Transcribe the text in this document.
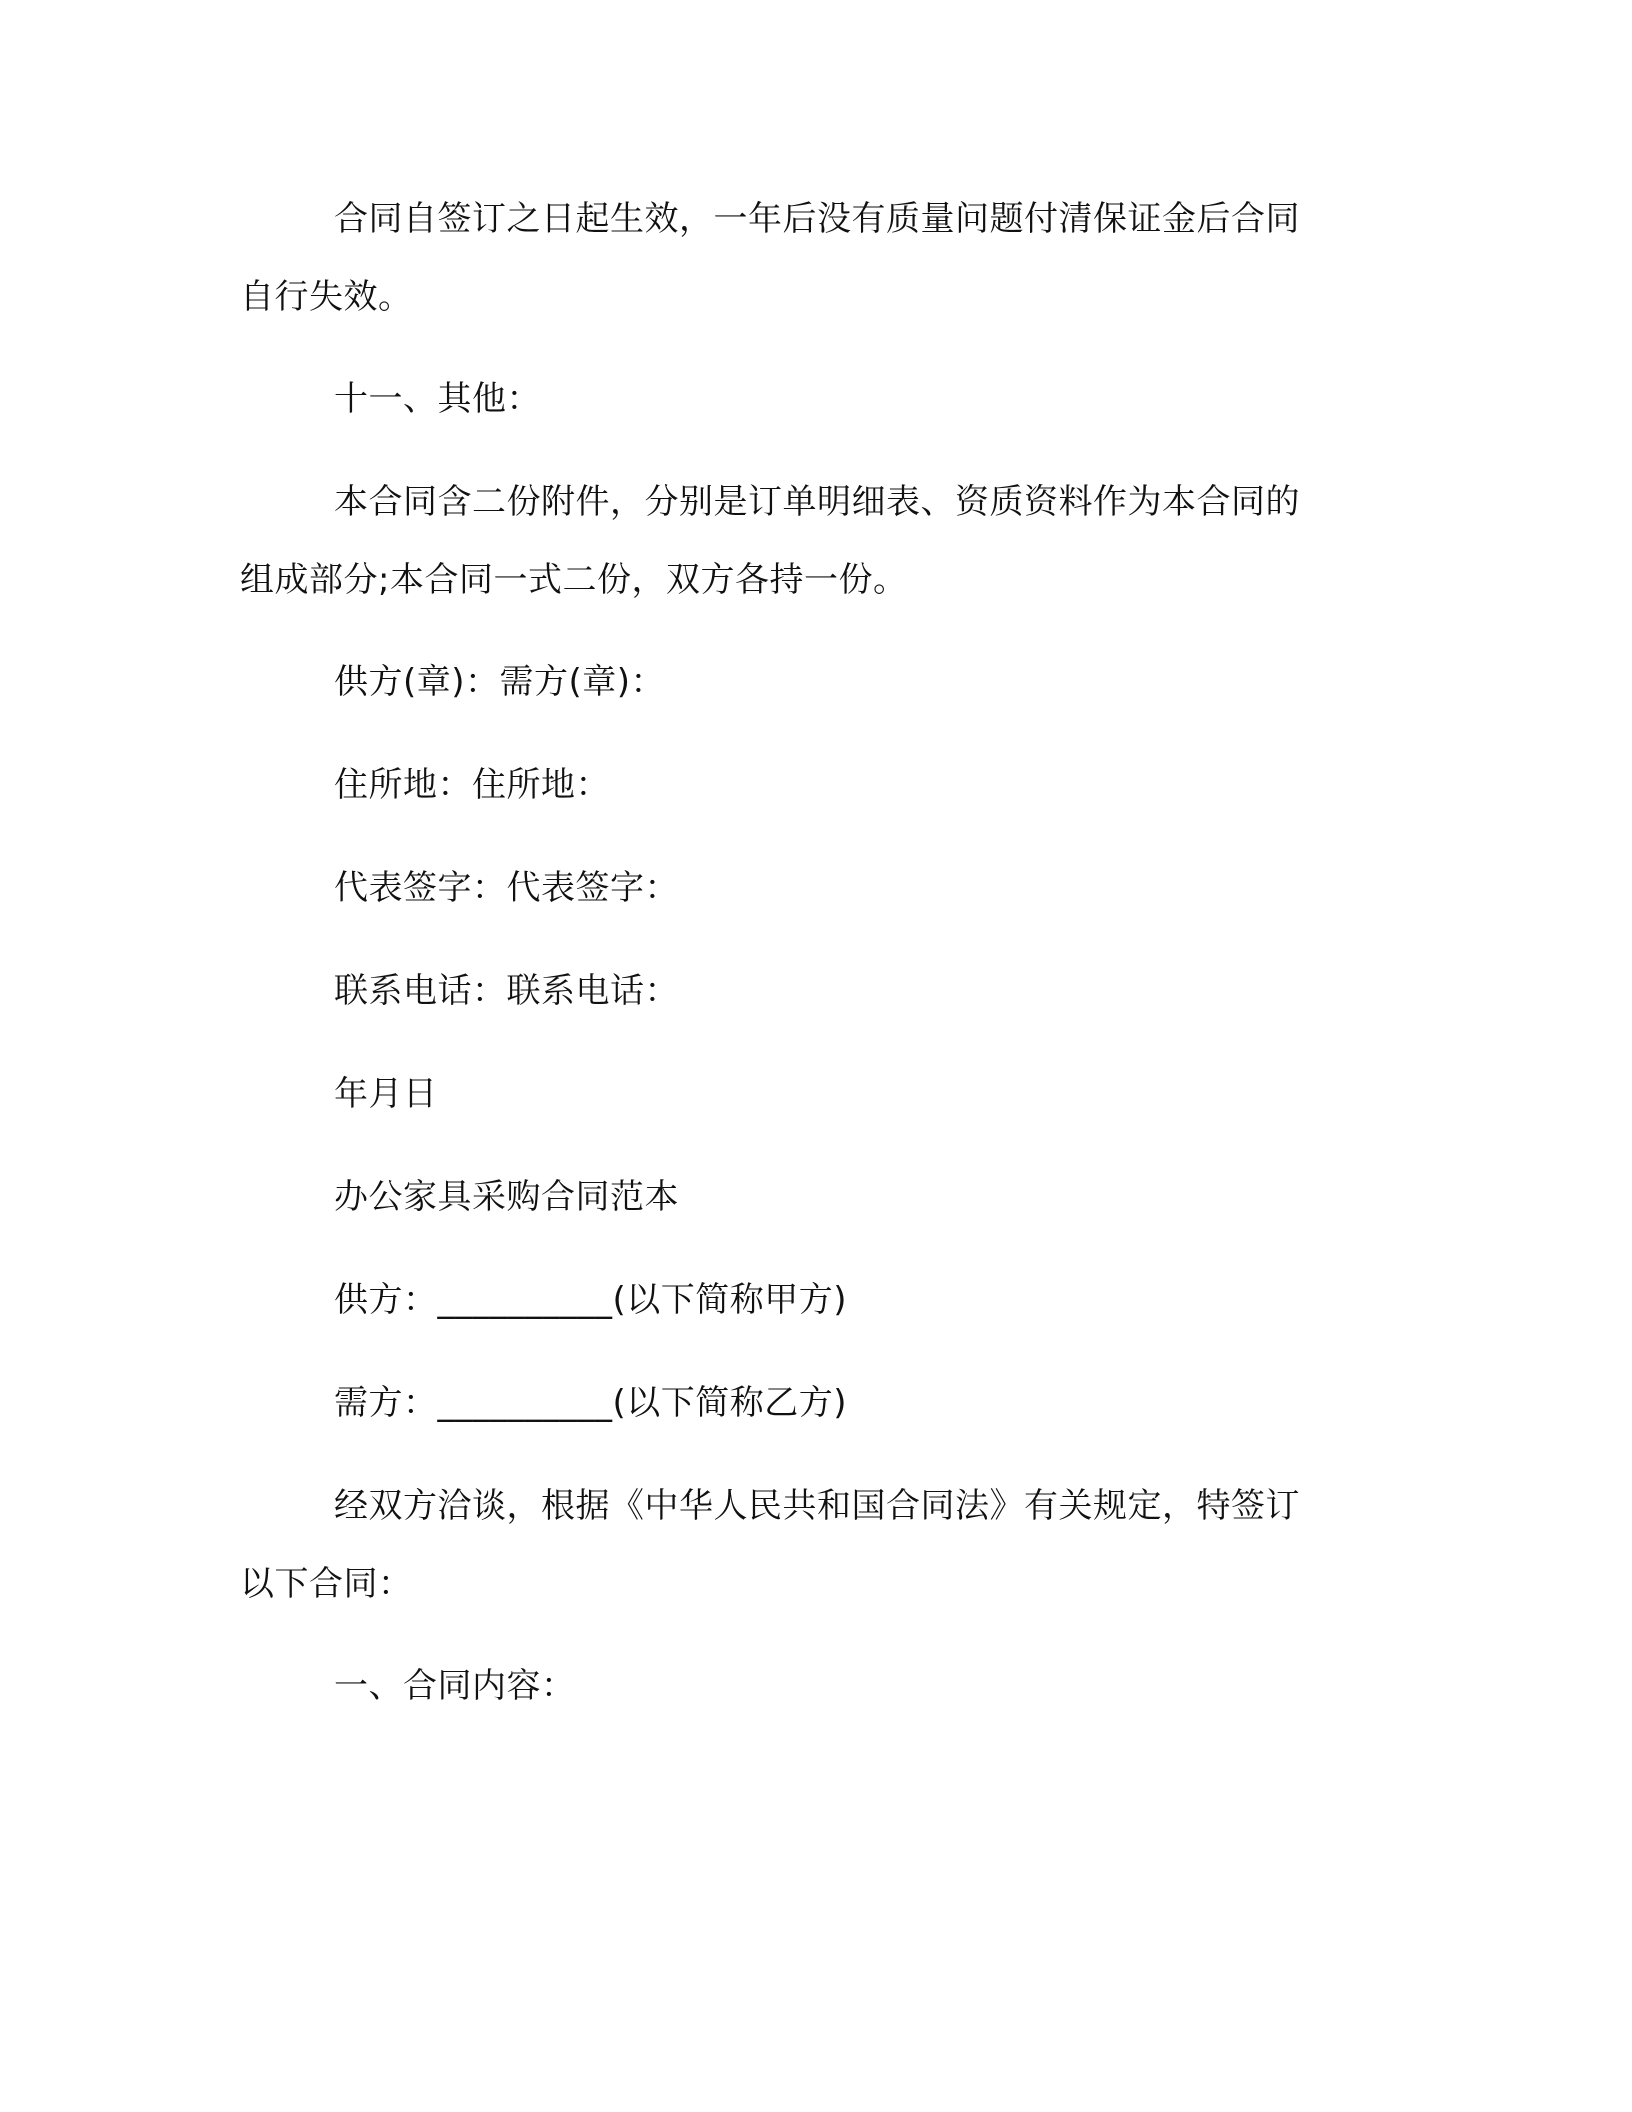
合同自签订之日起生效，一年后没有质量问题付清保证金后合同
自行失效。
十一、其他：
本合同含二份附件，分别是订单明细表、资质资料作为本合同的
组成部分;本合同一式二份，双方各持一份。
供方(章)：需方(章)：
住所地：住所地：
代表签字：代表签字：
联系电话：联系电话：
年月日
办公家具采购合同范本
供方：__________(以下简称甲方)
需方：__________(以下简称乙方)
经双方洽谈，根据《中华人民共和国合同法》有关规定，特签订
以下合同：
一、合同内容：
